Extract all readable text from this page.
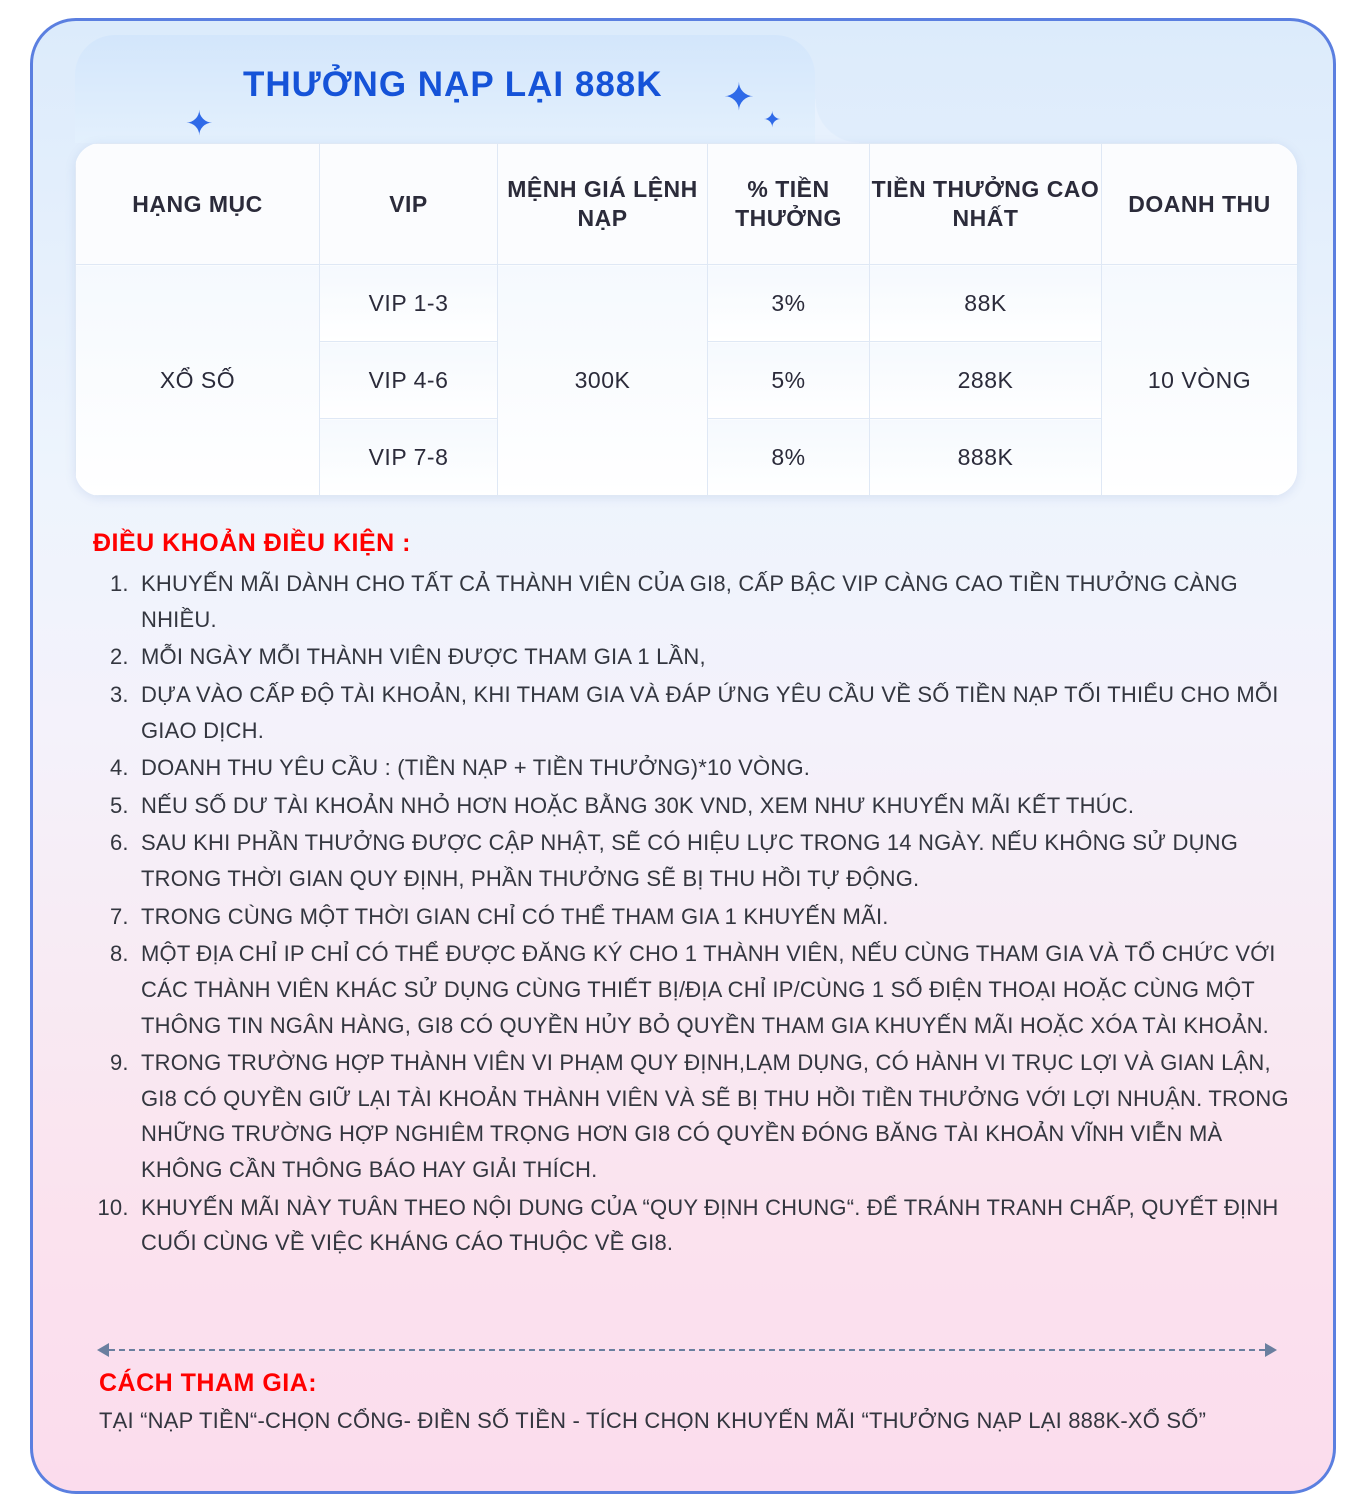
✦
✦
✦
THƯỞNG NẠP LẠI 888K
HẠNG MỤC	VIP	MỆNH GIÁ LỆNH NẠP	% TIỀN THƯỞNG	TIỀN THƯỞNG CAO NHẤT	DOANH THU
XỔ SỐ	VIP 1-3	300K	3%	88K	10 VÒNG
	VIP 4-6		5%	288K	
	VIP 7-8		8%	888K	
ĐIỀU KHOẢN ĐIỀU KIỆN :
1. KHUYẾN MÃI DÀNH CHO TẤT CẢ THÀNH VIÊN CỦA GI8, CẤP BẬC VIP CÀNG CAO TIỀN THƯỞNG CÀNG NHIỀU.
2. MỖI NGÀY MỖI THÀNH VIÊN ĐƯỢC THAM GIA 1 LẦN,
3. DỰA VÀO CẤP ĐỘ TÀI KHOẢN, KHI THAM GIA VÀ ĐÁP ỨNG YÊU CẦU VỀ SỐ TIỀN NẠP TỐI THIỂU CHO MỖI GIAO DỊCH.
4. DOANH THU YÊU CẦU : (TIỀN NẠP + TIỀN THƯỞNG)*10 VÒNG.
5. NẾU SỐ DƯ TÀI KHOẢN NHỎ HƠN HOẶC BẰNG 30K VND, XEM NHƯ KHUYẾN MÃI KẾT THÚC.
6. SAU KHI PHẦN THƯỞNG ĐƯỢC CẬP NHẬT, SẼ CÓ HIỆU LỰC TRONG 14 NGÀY. NẾU KHÔNG SỬ DỤNG TRONG THỜI GIAN QUY ĐỊNH, PHẦN THƯỞNG SẼ BỊ THU HỒI TỰ ĐỘNG.
7. TRONG CÙNG MỘT THỜI GIAN CHỈ CÓ THỂ THAM GIA 1 KHUYẾN MÃI.
8. MỘT ĐỊA CHỈ IP CHỈ CÓ THỂ ĐƯỢC ĐĂNG KÝ CHO 1 THÀNH VIÊN, NẾU CÙNG THAM GIA VÀ TỔ CHỨC VỚI CÁC THÀNH VIÊN KHÁC SỬ DỤNG CÙNG THIẾT BỊ/ĐỊA CHỈ IP/CÙNG 1 SỐ ĐIỆN THOẠI HOẶC CÙNG MỘT THÔNG TIN NGÂN HÀNG, GI8 CÓ QUYỀN HỦY BỎ QUYỀN THAM GIA KHUYẾN MÃI HOẶC XÓA TÀI KHOẢN.
9. TRONG TRƯỜNG HỢP THÀNH VIÊN VI PHẠM QUY ĐỊNH,LẠM DỤNG, CÓ HÀNH VI TRỤC LỢI VÀ GIAN LẬN, GI8 CÓ QUYỀN GIỮ LẠI TÀI KHOẢN THÀNH VIÊN VÀ SẼ BỊ THU HỒI TIỀN THƯỞNG VỚI LỢI NHUẬN. TRONG NHỮNG TRƯỜNG HỢP NGHIÊM TRỌNG HƠN GI8 CÓ QUYỀN ĐÓNG BĂNG TÀI KHOẢN VĨNH VIỄN MÀ KHÔNG CẦN THÔNG BÁO HAY GIẢI THÍCH.
10. KHUYẾN MÃI NÀY TUÂN THEO NỘI DUNG CỦA “QUY ĐỊNH CHUNG“. ĐỂ TRÁNH TRANH CHẤP, QUYẾT ĐỊNH CUỐI CÙNG VỀ VIỆC KHÁNG CÁO THUỘC VỀ GI8.
CÁCH THAM GIA:
TẠI “NẠP TIỀN“-CHỌN CỔNG- ĐIỀN SỐ TIỀN - TÍCH CHỌN KHUYẾN MÃI “THƯỞNG NẠP LẠI 888K-XỔ SỐ”
